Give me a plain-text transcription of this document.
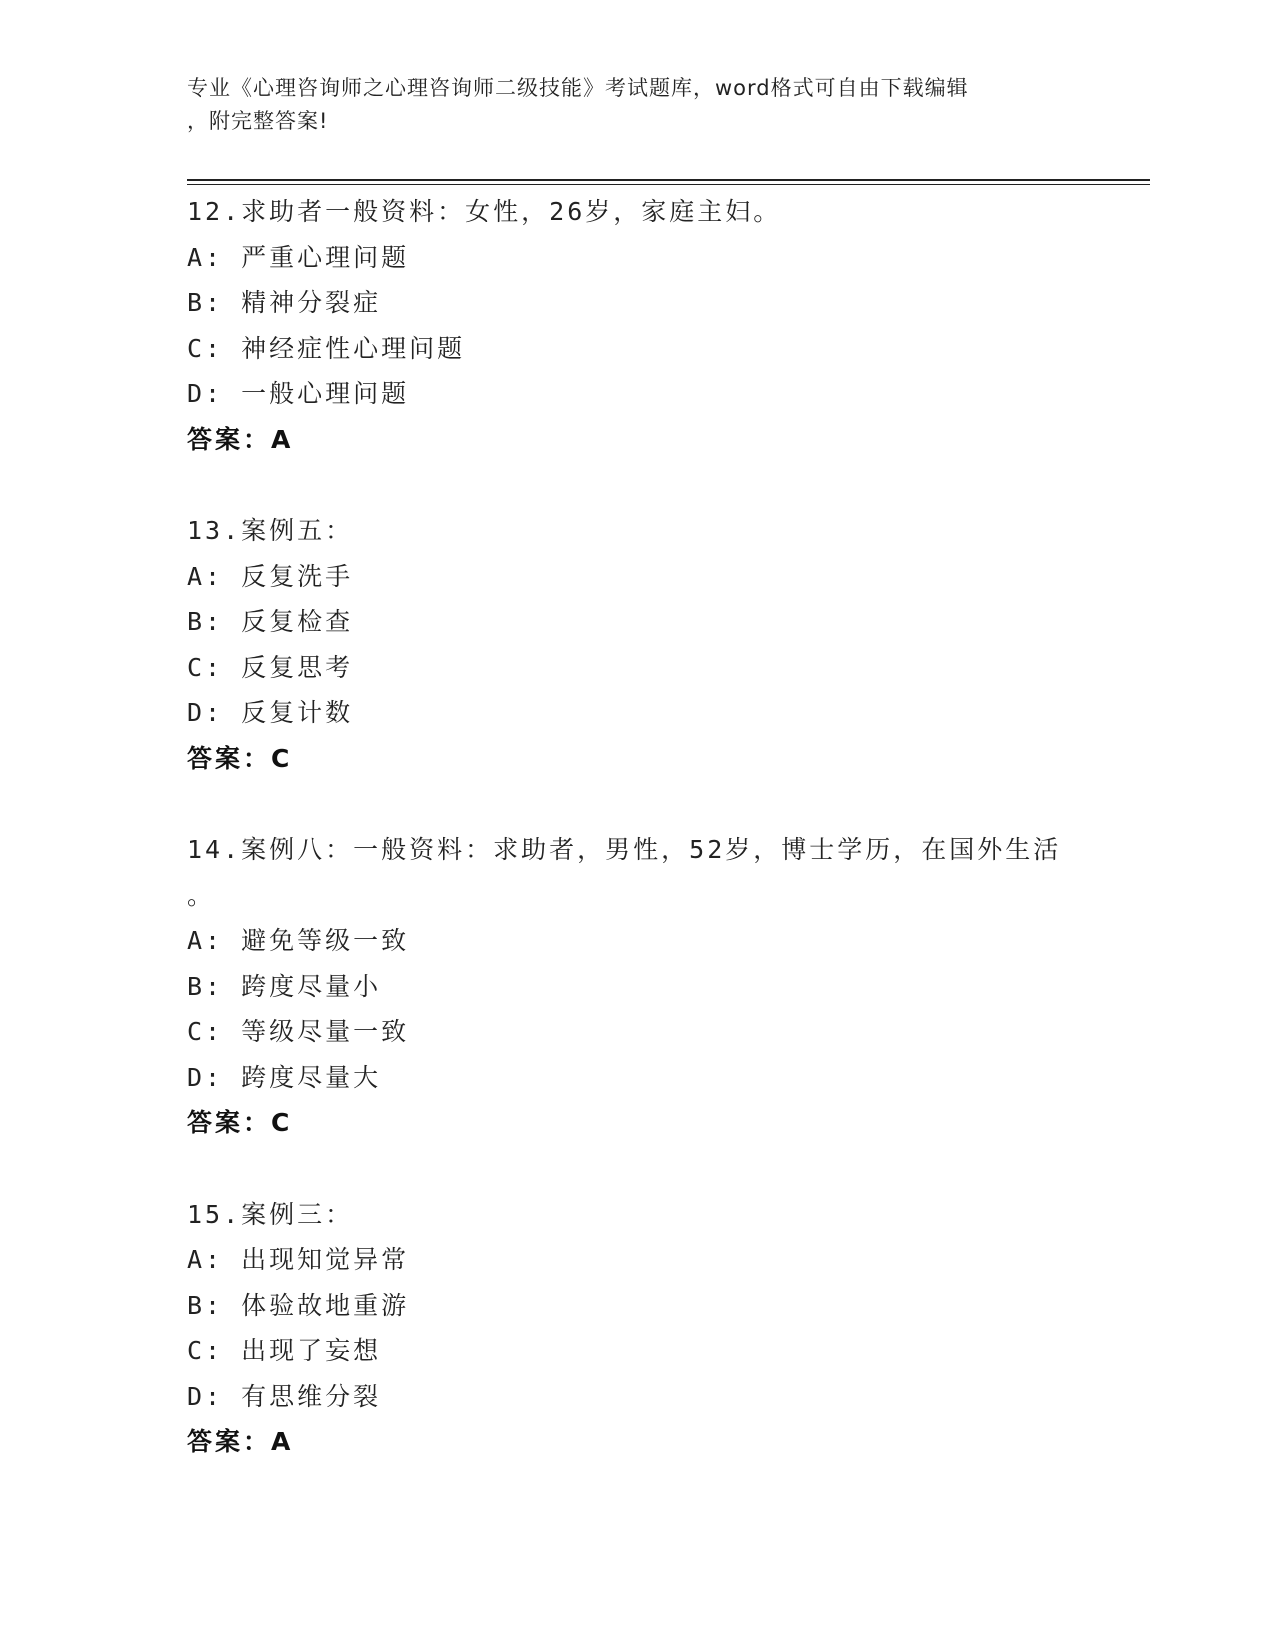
专业《心理咨询师之心理咨询师二级技能》考试题库，word格式可自由下载编辑
，附完整答案!
12.求助者一般资料：女性，26岁，家庭主妇。
A: 严重心理问题
B: 精神分裂症
C: 神经症性心理问题
D: 一般心理问题
答案：A
13.案例五：
A: 反复洗手
B: 反复检查
C: 反复思考
D: 反复计数
答案：C
14.案例八：一般资料：求助者，男性，52岁，博士学历，在国外生活
。
A: 避免等级一致
B: 跨度尽量小
C: 等级尽量一致
D: 跨度尽量大
答案：C
15.案例三：
A: 出现知觉异常
B: 体验故地重游
C: 出现了妄想
D: 有思维分裂
答案：A
